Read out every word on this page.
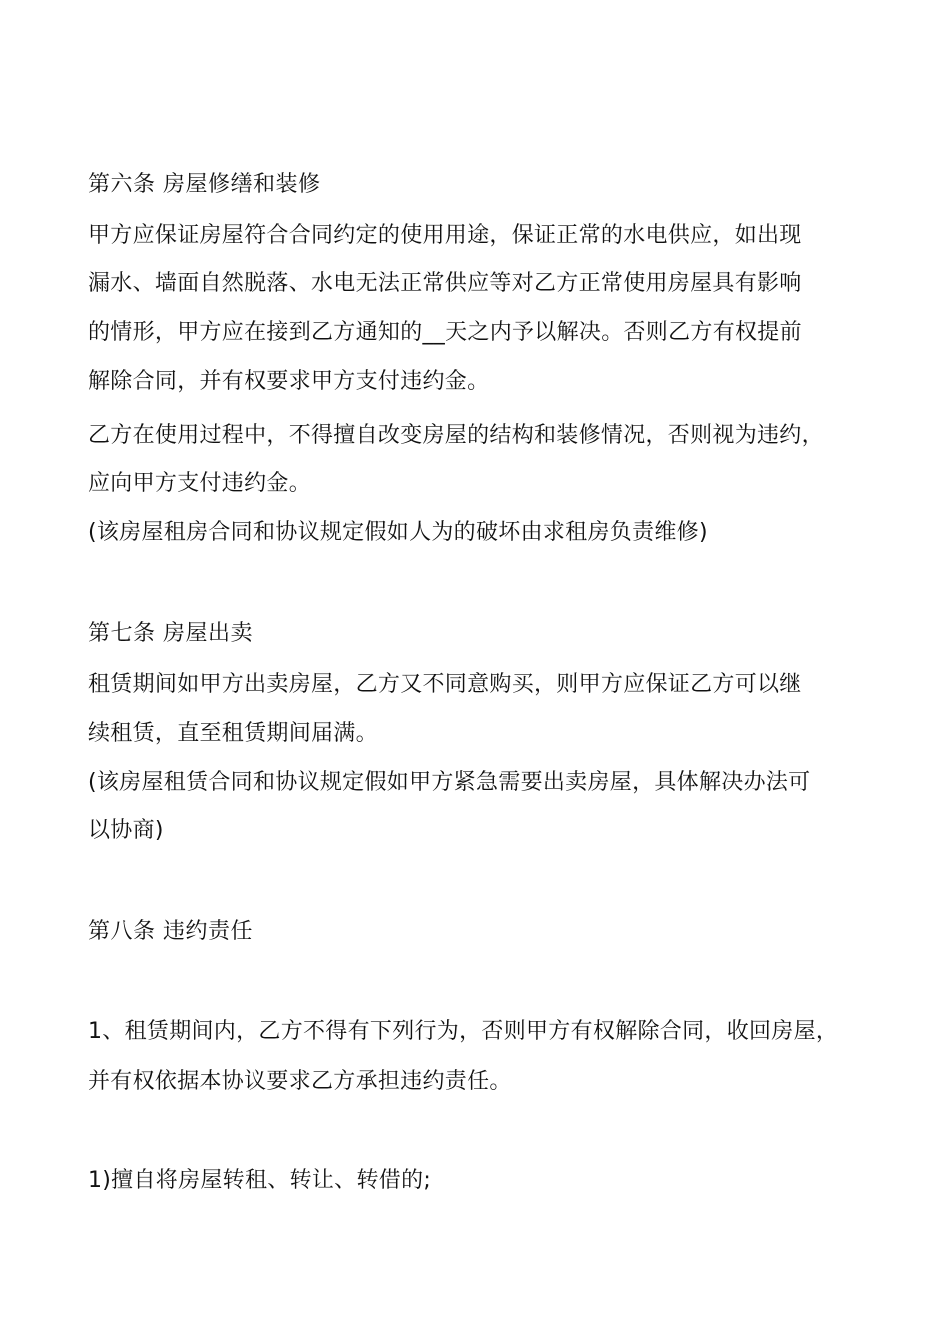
第六条 房屋修缮和装修
甲方应保证房屋符合合同约定的使用用途，保证正常的水电供应，如出现
漏水、墙面自然脱落、水电无法正常供应等对乙方正常使用房屋具有影响
的情形，甲方应在接到乙方通知的__天之内予以解决。否则乙方有权提前
解除合同，并有权要求甲方支付违约金。
乙方在使用过程中，不得擅自改变房屋的结构和装修情况，否则视为违约，
应向甲方支付违约金。
(该房屋租房合同和协议规定假如人为的破坏由求租房负责维修)
第七条 房屋出卖
租赁期间如甲方出卖房屋，乙方又不同意购买，则甲方应保证乙方可以继
续租赁，直至租赁期间届满。
(该房屋租赁合同和协议规定假如甲方紧急需要出卖房屋，具体解决办法可
以协商)
第八条 违约责任
1、租赁期间内，乙方不得有下列行为，否则甲方有权解除合同，收回房屋，
并有权依据本协议要求乙方承担违约责任。
1)擅自将房屋转租、转让、转借的;
